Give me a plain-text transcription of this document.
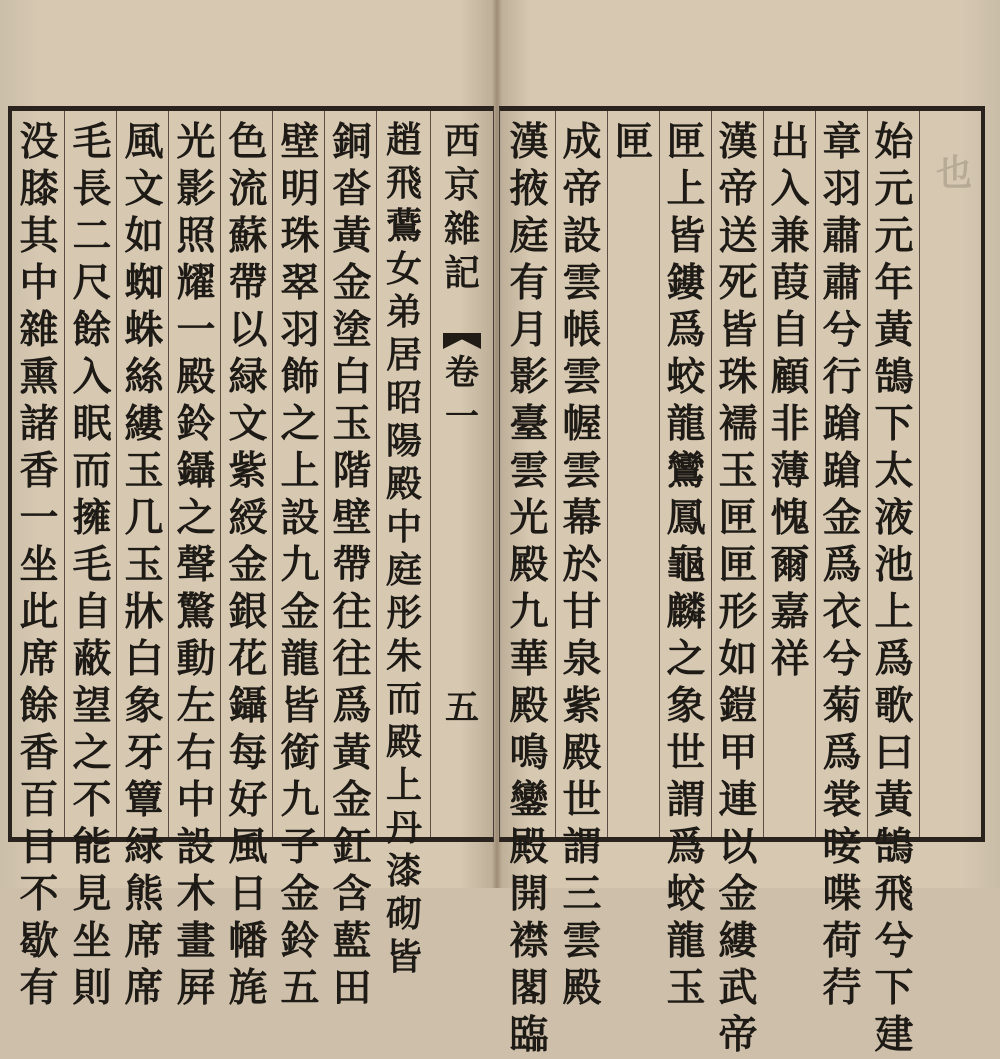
没膝其中雜熏諸香一坐此席餘香百日不歇有
毛長二尺餘入眠而擁毛自蔽望之不能見坐則
風文如蜘蛛絲縷玉几玉牀白象牙簟緑熊席席
光影照耀一殿鈴鑷之聲驚動左右中設木畫屛
色流蘇帶以緑文紫綬金銀花鑷每好風日幡旄
壁明珠翠羽飾之上設九金龍皆銜九子金鈴五
銅沓黃金塗白玉階壁帶往往爲黃金釭含藍田
趙飛鷰女弟居昭陽殿中庭彤朱而殿上丹漆砌皆
西京雜記
卷一
五
漢掖庭有月影臺雲光殿九華殿鳴鑾殿開襟閣臨
成帝設雲帳雲幄雲幕於甘泉紫殿世謂三雲殿
匣 匣上皆鏤爲蛟龍鸞鳳龜麟之象世謂爲蛟龍玉
漢帝送死皆珠襦玉匣匣形如鎧甲連以金縷武帝
出入兼葭自顧非薄愧爾嘉祥
章羽肅肅兮行蹌蹌金爲衣兮菊爲裳唼喋荷荇
始元元年黃鵠下太液池上爲歌曰黃鵠飛兮下建
也
